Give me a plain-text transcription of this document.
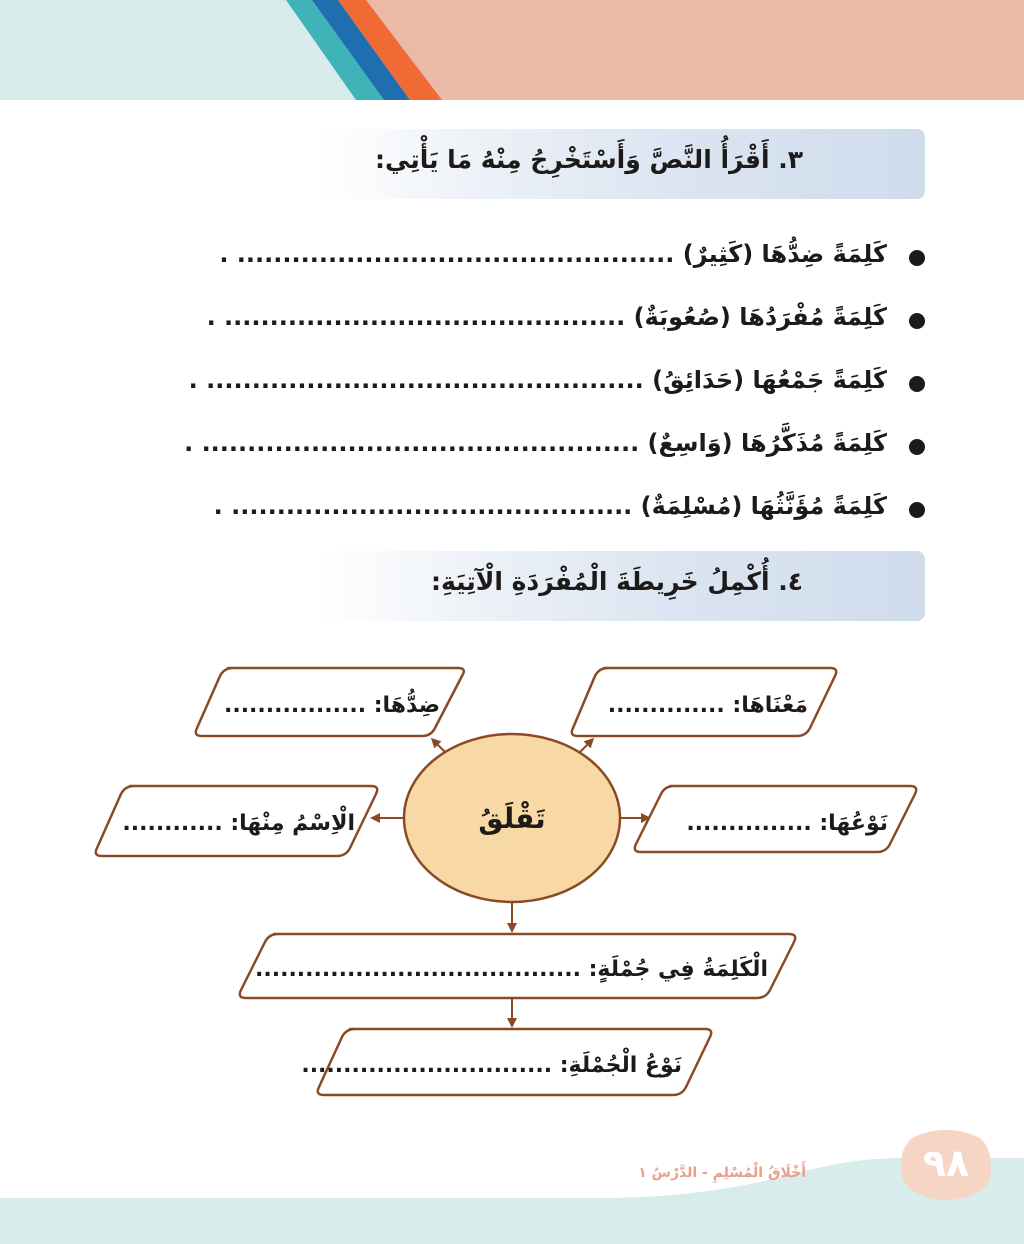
٣. أَقْرَأُ النَّصَّ وَأَسْتَخْرِجُ مِنْهُ مَا يَأْتِي:
كَلِمَةً ضِدُّهَا (كَثِيرٌ) ................................................ .
كَلِمَةً مُفْرَدُهَا (صُعُوبَةٌ) ............................................ .
كَلِمَةً جَمْعُهَا (حَدَائِقُ) ................................................ .
كَلِمَةً مُذَكَّرُهَا (وَاسِعٌ) ................................................ .
كَلِمَةً مُؤَنَّثُهَا (مُسْلِمَةٌ) ............................................ .
٤. أُكْمِلُ خَرِيطَةَ الْمُفْرَدَةِ الْآتِيَةِ:
تَقْلَقُ
ضِدُّهَا: .................	مَعْنَاهَا: ..............
الْاِسْمُ مِنْهَا: ............	نَوْعُهَا: ...............
الْكَلِمَةُ فِي جُمْلَةٍ: .......................................
نَوْعُ الْجُمْلَةِ: ..............................
أَخْلَاقُ الْمُسْلِمِ - الدَّرْسُ ١	٩٨
